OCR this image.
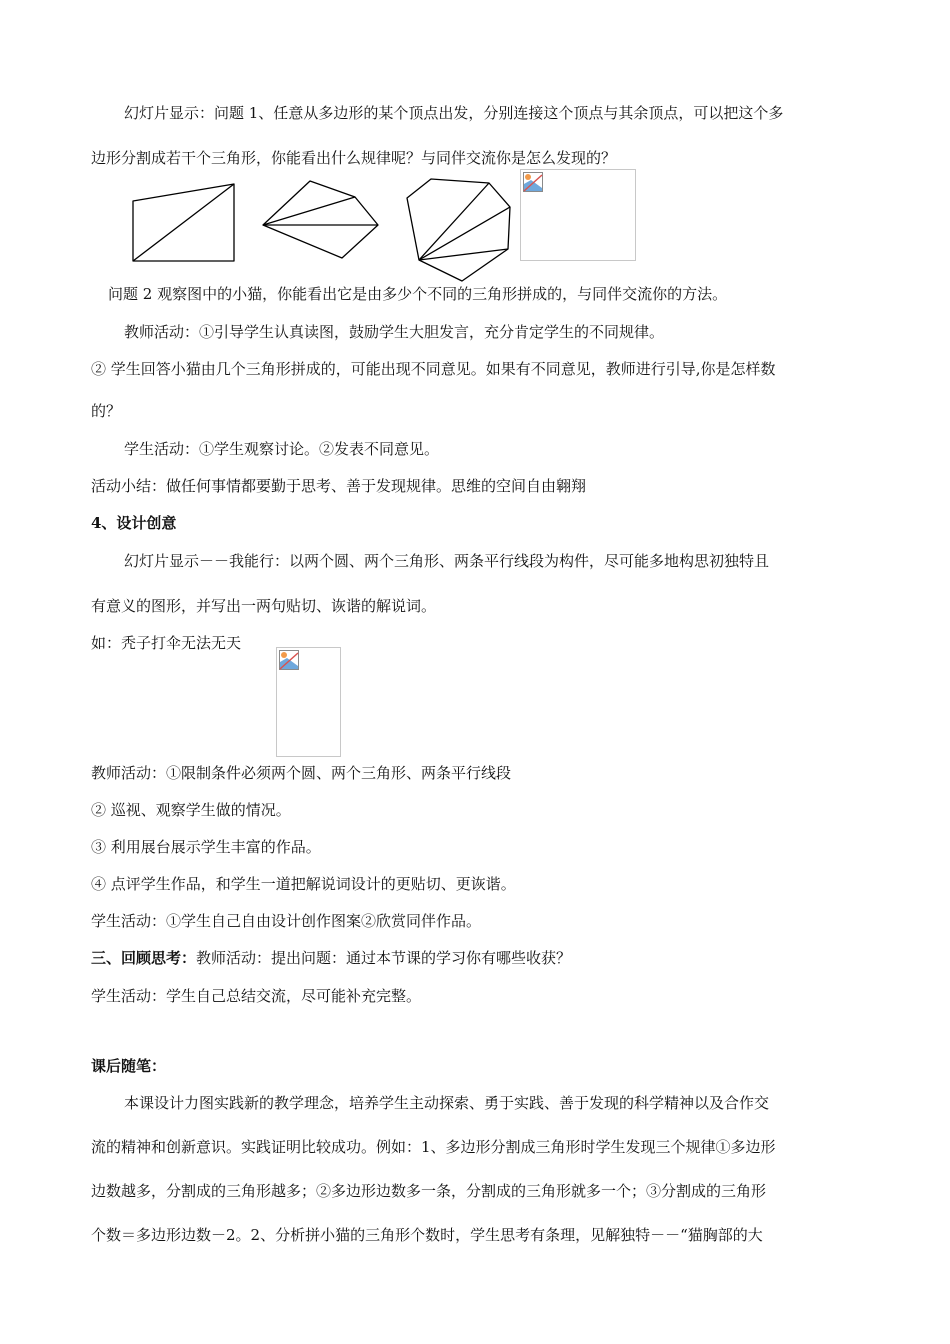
幻灯片显示：问题 1、任意从多边形的某个顶点出发，分别连接这个顶点与其余顶点，可以把这个多
边形分割成若干个三角形，你能看出什么规律呢？与同伴交流你是怎么发现的？
问题 2 观察图中的小猫，你能看出它是由多少个不同的三角形拼成的，与同伴交流你的方法。
教师活动：①引导学生认真读图，鼓励学生大胆发言，充分肯定学生的不同规律。
② 学生回答小猫由几个三角形拼成的，可能出现不同意见。如果有不同意见，教师进行引导,你是怎样数
的？
学生活动：①学生观察讨论。②发表不同意见。
活动小结：做任何事情都要勤于思考、善于发现规律。思维的空间自由翱翔
4、设计创意
幻灯片显示－－我能行：以两个圆、两个三角形、两条平行线段为构件，尽可能多地构思初独特且
有意义的图形，并写出一两句贴切、诙谐的解说词。
如：秃子打伞无法无天
教师活动：①限制条件必须两个圆、两个三角形、两条平行线段
② 巡视、观察学生做的情况。
③ 利用展台展示学生丰富的作品。
④ 点评学生作品，和学生一道把解说词设计的更贴切、更诙谐。
学生活动：①学生自己自由设计创作图案②欣赏同伴作品。
三、回顾思考：教师活动：提出问题：通过本节课的学习你有哪些收获？
学生活动：学生自己总结交流，尽可能补充完整。
课后随笔：
本课设计力图实践新的教学理念，培养学生主动探索、勇于实践、善于发现的科学精神以及合作交
流的精神和创新意识。实践证明比较成功。例如：1、多边形分割成三角形时学生发现三个规律①多边形
边数越多，分割成的三角形越多；②多边形边数多一条，分割成的三角形就多一个；③分割成的三角形
个数＝多边形边数－2。2、分析拼小猫的三角形个数时，学生思考有条理，见解独特－－“猫胸部的大
